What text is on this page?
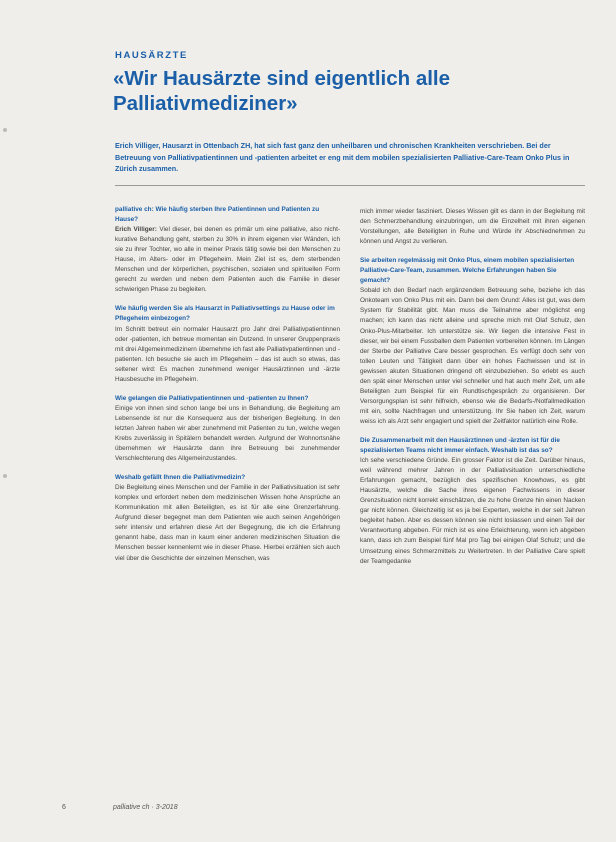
HAUSÄRZTE
«Wir Hausärzte sind eigentlich alle Palliativmediziner»
Erich Villiger, Hausarzt in Ottenbach ZH, hat sich fast ganz den unheilbaren und chronischen Krankheiten verschrieben. Bei der Betreuung von Palliativpatientinnen und -patienten arbeitet er eng mit dem mobilen spezialisierten Palliative-Care-Team Onko Plus in Zürich zusammen.

palliative ch: Wie häufig sterben Ihre Patientinnen und Patienten zu Hause?

Erich Villiger: Viel dieser, bei denen es primär um eine palliative, also nicht-kurative Behandlung geht, sterben zu 30% in ihrem eigenen vier Wänden, ich sie zu ihrer Tochter, wo alle in meiner Praxis tätig sowie bei den Menschen zu Hause, im Alters- oder im Pflegeheim. Mein Ziel ist es, dem sterbenden Menschen und der körperlichen, psychischen, sozialen und spirituellen Form gerecht zu werden und neben dem Patienten auch die Familie in dieser schwierigen Phase zu begleiten.

Wie häufig werden Sie als Hausarzt in Palliativsettings zu Hause oder im Pflegeheim einbezogen?

Im Schnitt betreut ein normaler Hausarzt pro Jahr drei Palliativpatientinnen oder -patienten, ich betreue momentan ein Dutzend. In unserer Gruppenpraxis mit drei Allgemeinmedizinern übernehme ich fast alle Palliativpatientinnen und -patienten. Ich besuche sie auch im Pflegeheim – das ist auch so etwas, das seltener wird: Es machen zunehmend weniger Hausärztinnen und -ärzte Hausbesuche im Pflegeheim.

Wie gelangen die Palliativpatientinnen und -patienten zu Ihnen?

Einige von ihnen sind schon lange bei uns in Behandlung, die Begleitung am Lebensende ist nur die Konsequenz aus der bisherigen Begleitung. In den letzten Jahren haben wir aber zunehmend mit Patienten zu tun, welche wegen Krebs zuverlässig in Spitälern behandelt werden. Aufgrund der Wohnortsnähe übernehmen wir Hausärzte dann ihre Betreuung bei zunehmender Verschlechterung des Allgemeinzustandes.

Weshalb gefällt Ihnen die Palliativmedizin?

Die Begleitung eines Menschen und der Familie in der Palliativsituation ist sehr komplex und erfordert neben dem medizinischen Wissen hohe Ansprüche an Kommunikation mit allen Beteiligten, es ist für alle eine Grenzerfahrung. Aufgrund dieser begegnet man dem Patienten wie auch seinen Angehörigen sehr intensiv und erfahren diese Art der Begegnung, die ich die Erfahrung genannt habe, dass man in kaum einer anderen medizinischen Situation die Menschen besser kennenlernt wie in dieser Phase. Hierbei erzählen sich auch viel über die Geschichte der einzelnen Menschen, was

mich immer wieder fasziniert. Dieses Wissen gilt es dann in der Begleitung mit den Schmerzbehandlung einzubringen, um die Einzelheit mit ihren eigenen Vorstellungen, alle Beteiligten in Ruhe und Würde ihr Abschiednehmen zu können und Angst zu verlieren.

Sie arbeiten regelmässig mit Onko Plus, einem mobilen spezialisierten Palliative-Care-Team, zusammen. Welche Erfahrungen haben Sie gemacht?

Sobald ich den Bedarf nach ergänzendem Betreuung sehe, beziehe ich das Onkoteam von Onko Plus mit ein. Dann bei dem Grund: Alles ist gut, was dem System für Stabilität gibt. Man muss die Teilnahme aber möglichst eng machen; ich kann das nicht alleine und spreche mich mit Olaf Schulz, den Onko-Plus-Mitarbeiter. Ich unterstütze sie. Wir liegen die intensive Fest in dieser, wir bei einem Fussballen dem Patienten vorbereiten können. Im Längen der Sterbe der Palliative Care besser gesprochen. Es verfügt doch sehr von tollen Leuten und Tätigkeit dann über ein hohes Fachwissen und ist in gewissen akuten Situationen dringend oft einzubeziehen. So erlebt es auch den spät einer Menschen unter viel schneller und hat auch mehr Zeit, um alle Beteiligten zum Beispiel für ein Rundtischgespräch zu organisieren. Der Versorgungsplan ist sehr hilfreich, ebenso wie die Bedarfs-/Notfallmedikation mit ein, sollte Nachfragen und unterstützung. Ihr Sie haben ich Zeit, warum weiss ich als Arzt sehr engagiert und spielt der Zeitfaktor natürlich eine Rolle.

Die Zusammenarbeit mit den Hausärztinnen und -ärzten ist für die spezialisierten Teams nicht immer einfach. Weshalb ist das so?

Ich sehe verschiedene Gründe. Ein grosser Faktor ist die Zeit. Darüber hinaus, weil während mehrer Jahren in der Palliativsituation unterschiedliche Erfahrungen gemacht, bezüglich des spezifischen Knowhows, es gibt Hausärzte, welche die Sache ihres eigenen Fachwissens in dieser Grenzsituation nicht korrekt einschätzen, die zu hohe Grenze hin einen Nacken gar nicht können. Gleichzeitig ist es ja bei Experten, welche in der seit Jahren begleitet haben. Aber es dessen können sie nicht loslassen und einen Teil der Verantwortung abgeben. Für mich ist es eine Erleichterung, wenn ich abgeben kann, dass ich zum Beispiel fünf Mal pro Tag bei einigen Olaf Schulz; und die Umsetzung eines Schmerzmittels zu Weitertreten. In der Palliative Care spielt der Teamgedanke

6	palliative ch · 3-2018
